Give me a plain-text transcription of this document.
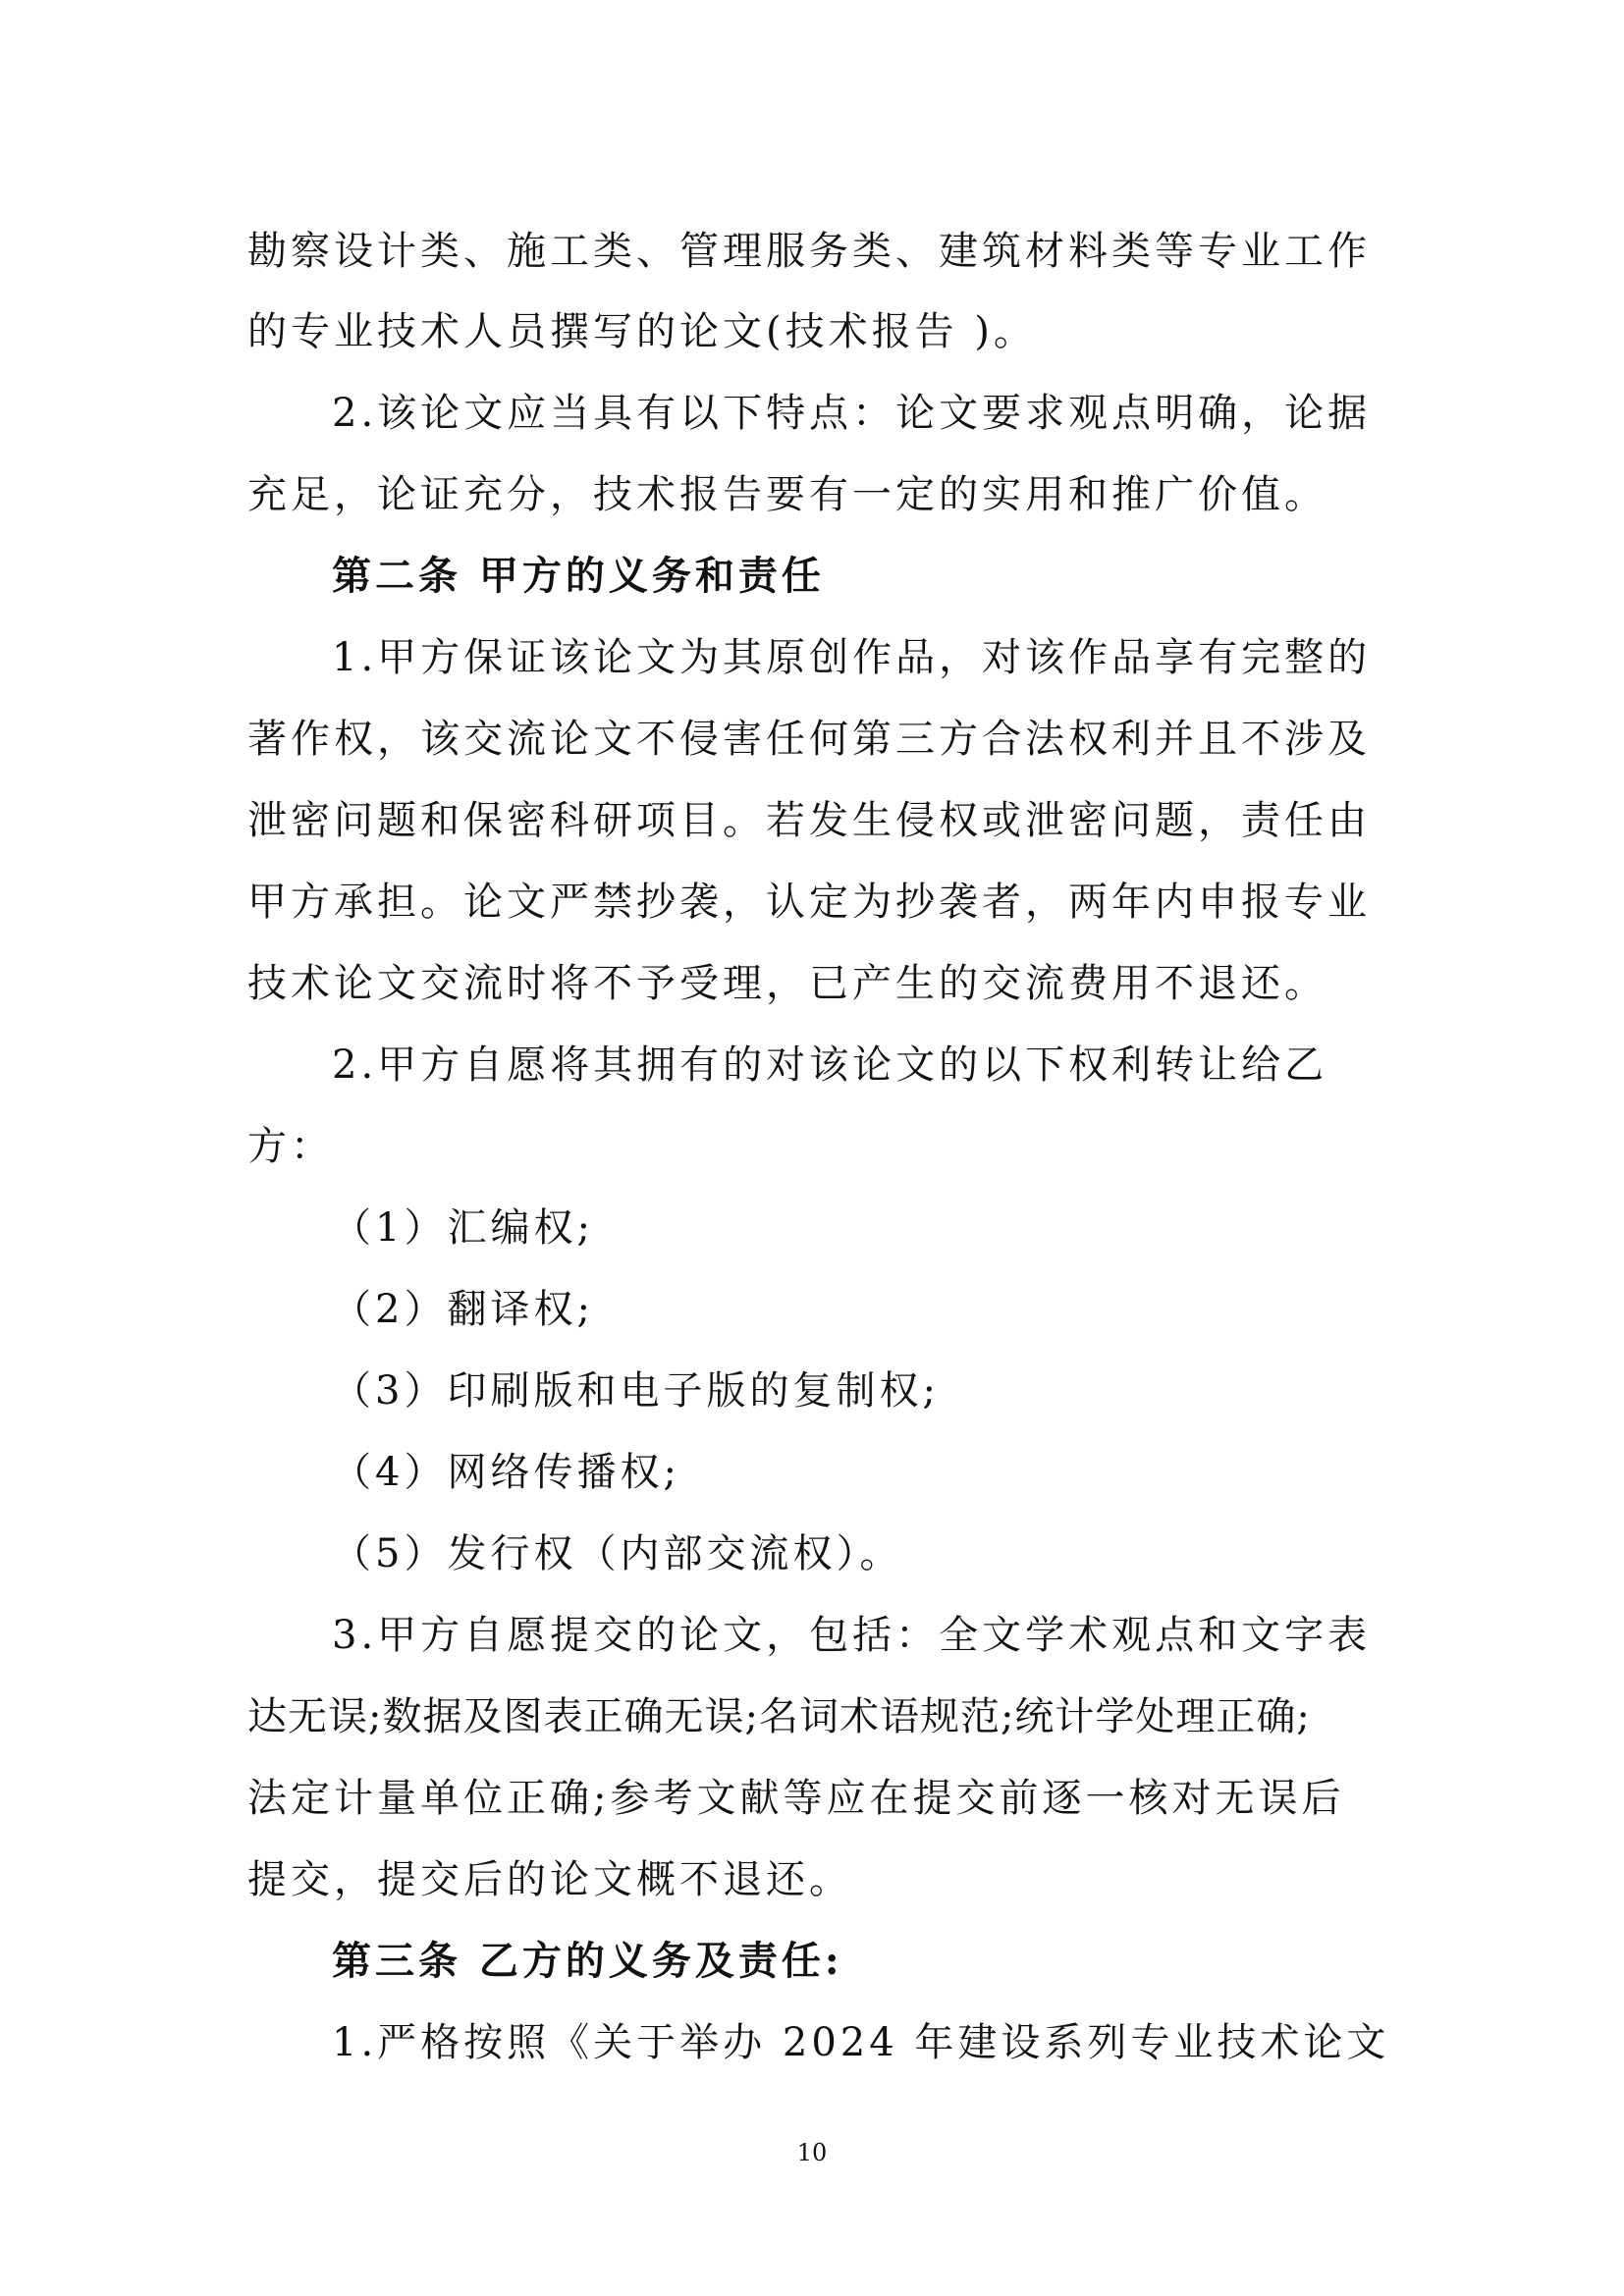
勘察设计类、施工类、管理服务类、建筑材料类等专业工作
的专业技术人员撰写的论文(技术报告 )。
2.该论文应当具有以下特点：论文要求观点明确，论据
充足，论证充分，技术报告要有一定的实用和推广价值。
第二条 甲方的义务和责任
1.甲方保证该论文为其原创作品，对该作品享有完整的
著作权，该交流论文不侵害任何第三方合法权利并且不涉及
泄密问题和保密科研项目。若发生侵权或泄密问题，责任由
甲方承担。论文严禁抄袭，认定为抄袭者，两年内申报专业
技术论文交流时将不予受理，已产生的交流费用不退还。
2.甲方自愿将其拥有的对该论文的以下权利转让给乙
方：
（1）汇编权;
（2）翻译权;
（3）印刷版和电子版的复制权;
（4）网络传播权;
（5）发行权（内部交流权）。
3.甲方自愿提交的论文，包括：全文学术观点和文字表
达无误;数据及图表正确无误;名词术语规范;统计学处理正确;
法定计量单位正确;参考文献等应在提交前逐一核对无误后
提交，提交后的论文概不退还。
第三条 乙方的义务及责任:
1.严格按照《关于举办 2024 年建设系列专业技术论文
10
